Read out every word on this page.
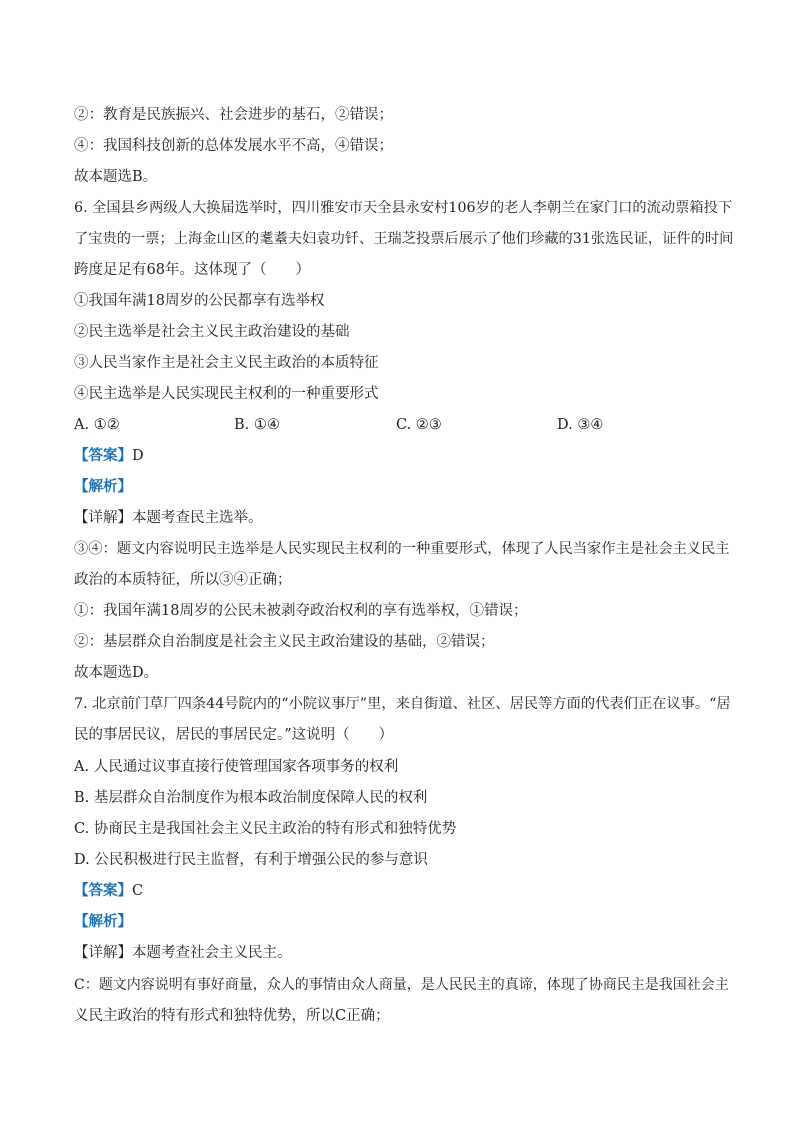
②：教育是民族振兴、社会进步的基石，②错误；
④：我国科技创新的总体发展水平不高，④错误；
故本题选B。
6. 全国县乡两级人大换届选举时，四川雅安市天全县永安村106岁的老人李朝兰在家门口的流动票箱投下
了宝贵的一票；上海金山区的耄耋夫妇袁功钎、王瑞芝投票后展示了他们珍藏的31张选民证，证件的时间
跨度足足有68年。这体现了（　　）
①我国年满18周岁的公民都享有选举权
②民主选举是社会主义民主政治建设的基础
③人民当家作主是社会主义民主政治的本质特征
④民主选举是人民实现民主权利的一种重要形式
A. ①②	B. ①④	C. ②③	D. ③④
【答案】D
【解析】
【详解】本题考查民主选举。
③④：题文内容说明民主选举是人民实现民主权利的一种重要形式，体现了人民当家作主是社会主义民主
政治的本质特征，所以③④正确；
①：我国年满18周岁的公民未被剥夺政治权利的享有选举权，①错误；
②：基层群众自治制度是社会主义民主政治建设的基础，②错误；
故本题选D。
7. 北京前门草厂四条44号院内的“小院议事厅”里，来自街道、社区、居民等方面的代表们正在议事。“居
民的事居民议，居民的事居民定。”这说明（　　）
A. 人民通过议事直接行使管理国家各项事务的权利
B. 基层群众自治制度作为根本政治制度保障人民的权利
C. 协商民主是我国社会主义民主政治的特有形式和独特优势
D. 公民积极进行民主监督，有利于增强公民的参与意识
【答案】C
【解析】
【详解】本题考查社会主义民主。
C：题文内容说明有事好商量，众人的事情由众人商量，是人民民主的真谛，体现了协商民主是我国社会主
义民主政治的特有形式和独特优势，所以C正确；
